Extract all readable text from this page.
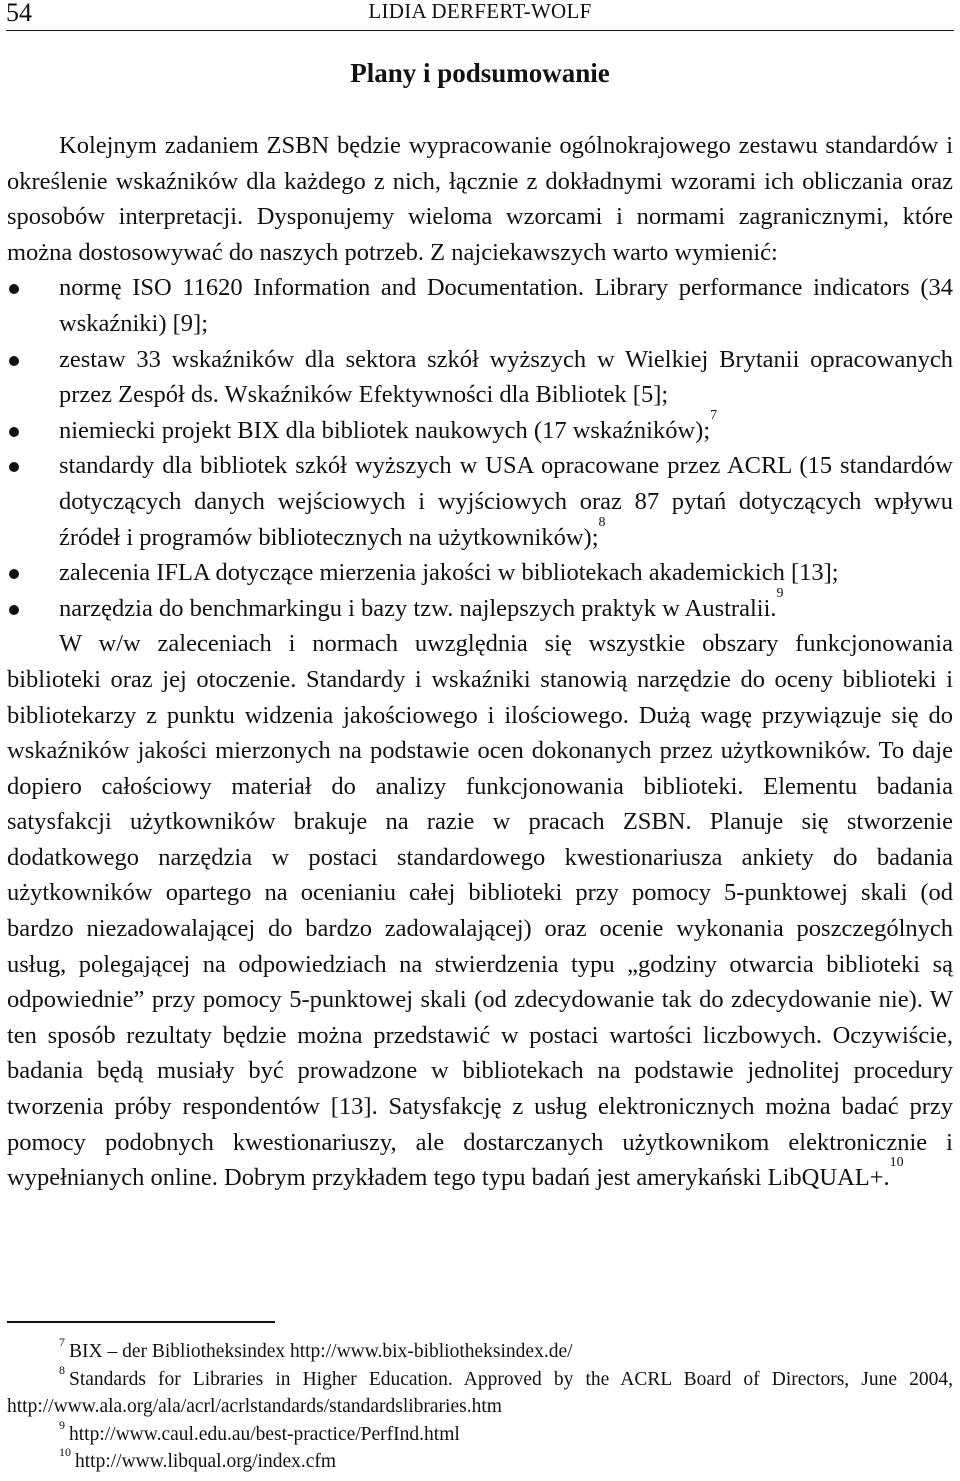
54	LIDIA DERFERT-WOLF
Plany i podsumowanie

Kolejnym zadaniem ZSBN będzie wypracowanie ogólnokrajowego zestawu standardów i określenie wskaźników dla każdego z nich, łącznie z dokładnymi wzorami ich obliczania oraz sposobów interpretacji. Dysponujemy wieloma wzorcami i normami zagranicznymi, które można dostosowywać do naszych potrzeb. Z najciekawszych warto wymienić:

normę ISO 11620 Information and Documentation. Library performance indicators (34 wskaźniki) [9];
zestaw 33 wskaźników dla sektora szkół wyższych w Wielkiej Brytanii opracowanych przez Zespół ds. Wskaźników Efektywności dla Bibliotek [5];
niemiecki projekt BIX dla bibliotek naukowych (17 wskaźników);$^7$
standardy dla bibliotek szkół wyższych w USA opracowane przez ACRL (15 standardów dotyczących danych wejściowych i wyjściowych oraz 87 pytań dotyczących wpływu źródeł i programów bibliotecznych na użytkowników);$^8$
zalecenia IFLA dotyczące mierzenia jakości w bibliotekach akademickich [13];
narzędzia do benchmarkingu i bazy tzw. najlepszych praktyk w Australii.$^9$

W w/w zaleceniach i normach uwzględnia się wszystkie obszary funkcjonowania biblioteki oraz jej otoczenie. Standardy i wskaźniki stanowią narzędzie do oceny biblioteki i bibliotekarzy z punktu widzenia jakościowego i ilościowego. Dużą wagę przywiązuje się do wskaźników jakości mierzonych na podstawie ocen dokonanych przez użytkowników. To daje dopiero całościowy materiał do analizy funkcjonowania biblioteki. Elementu badania satysfakcji użytkowników brakuje na razie w pracach ZSBN. Planuje się stworzenie dodatkowego narzędzia w postaci standardowego kwestionariusza ankiety do badania użytkowników opartego na ocenianiu całej biblioteki przy pomocy 5-punktowej skali (od bardzo niezadowalającej do bardzo zadowalającej) oraz ocenie wykonania poszczególnych usług, polegającej na odpowiedziach na stwierdzenia typu „godziny otwarcia biblioteki są odpowiednie” przy pomocy 5-punktowej skali (od zdecydowanie tak do zdecydowanie nie). W ten sposób rezultaty będzie można przedstawić w postaci wartości liczbowych. Oczywiście, badania będą musiały być prowadzone w bibliotekach na podstawie jednolitej procedury tworzenia próby respondentów [13]. Satysfakcję z usług elektronicznych można badać przy pomocy podobnych kwestionariuszy, ale dostarczanych użytkownikom elektronicznie i wypełnianych online. Dobrym przykładem tego typu badań jest amerykański LibQUAL+.$^{10}$

$^7$ BIX – der Bibliotheksindex http://www.bix-bibliotheksindex.de/
$^8$ Standards for Libraries in Higher Education. Approved by the ACRL Board of Directors, June 2004, http://www.ala.org/ala/acrl/acrlstandards/standardslibraries.htm
$^9$ http://www.caul.edu.au/best-practice/PerfInd.html
$^{10}$ http://www.libqual.org/index.cfm
